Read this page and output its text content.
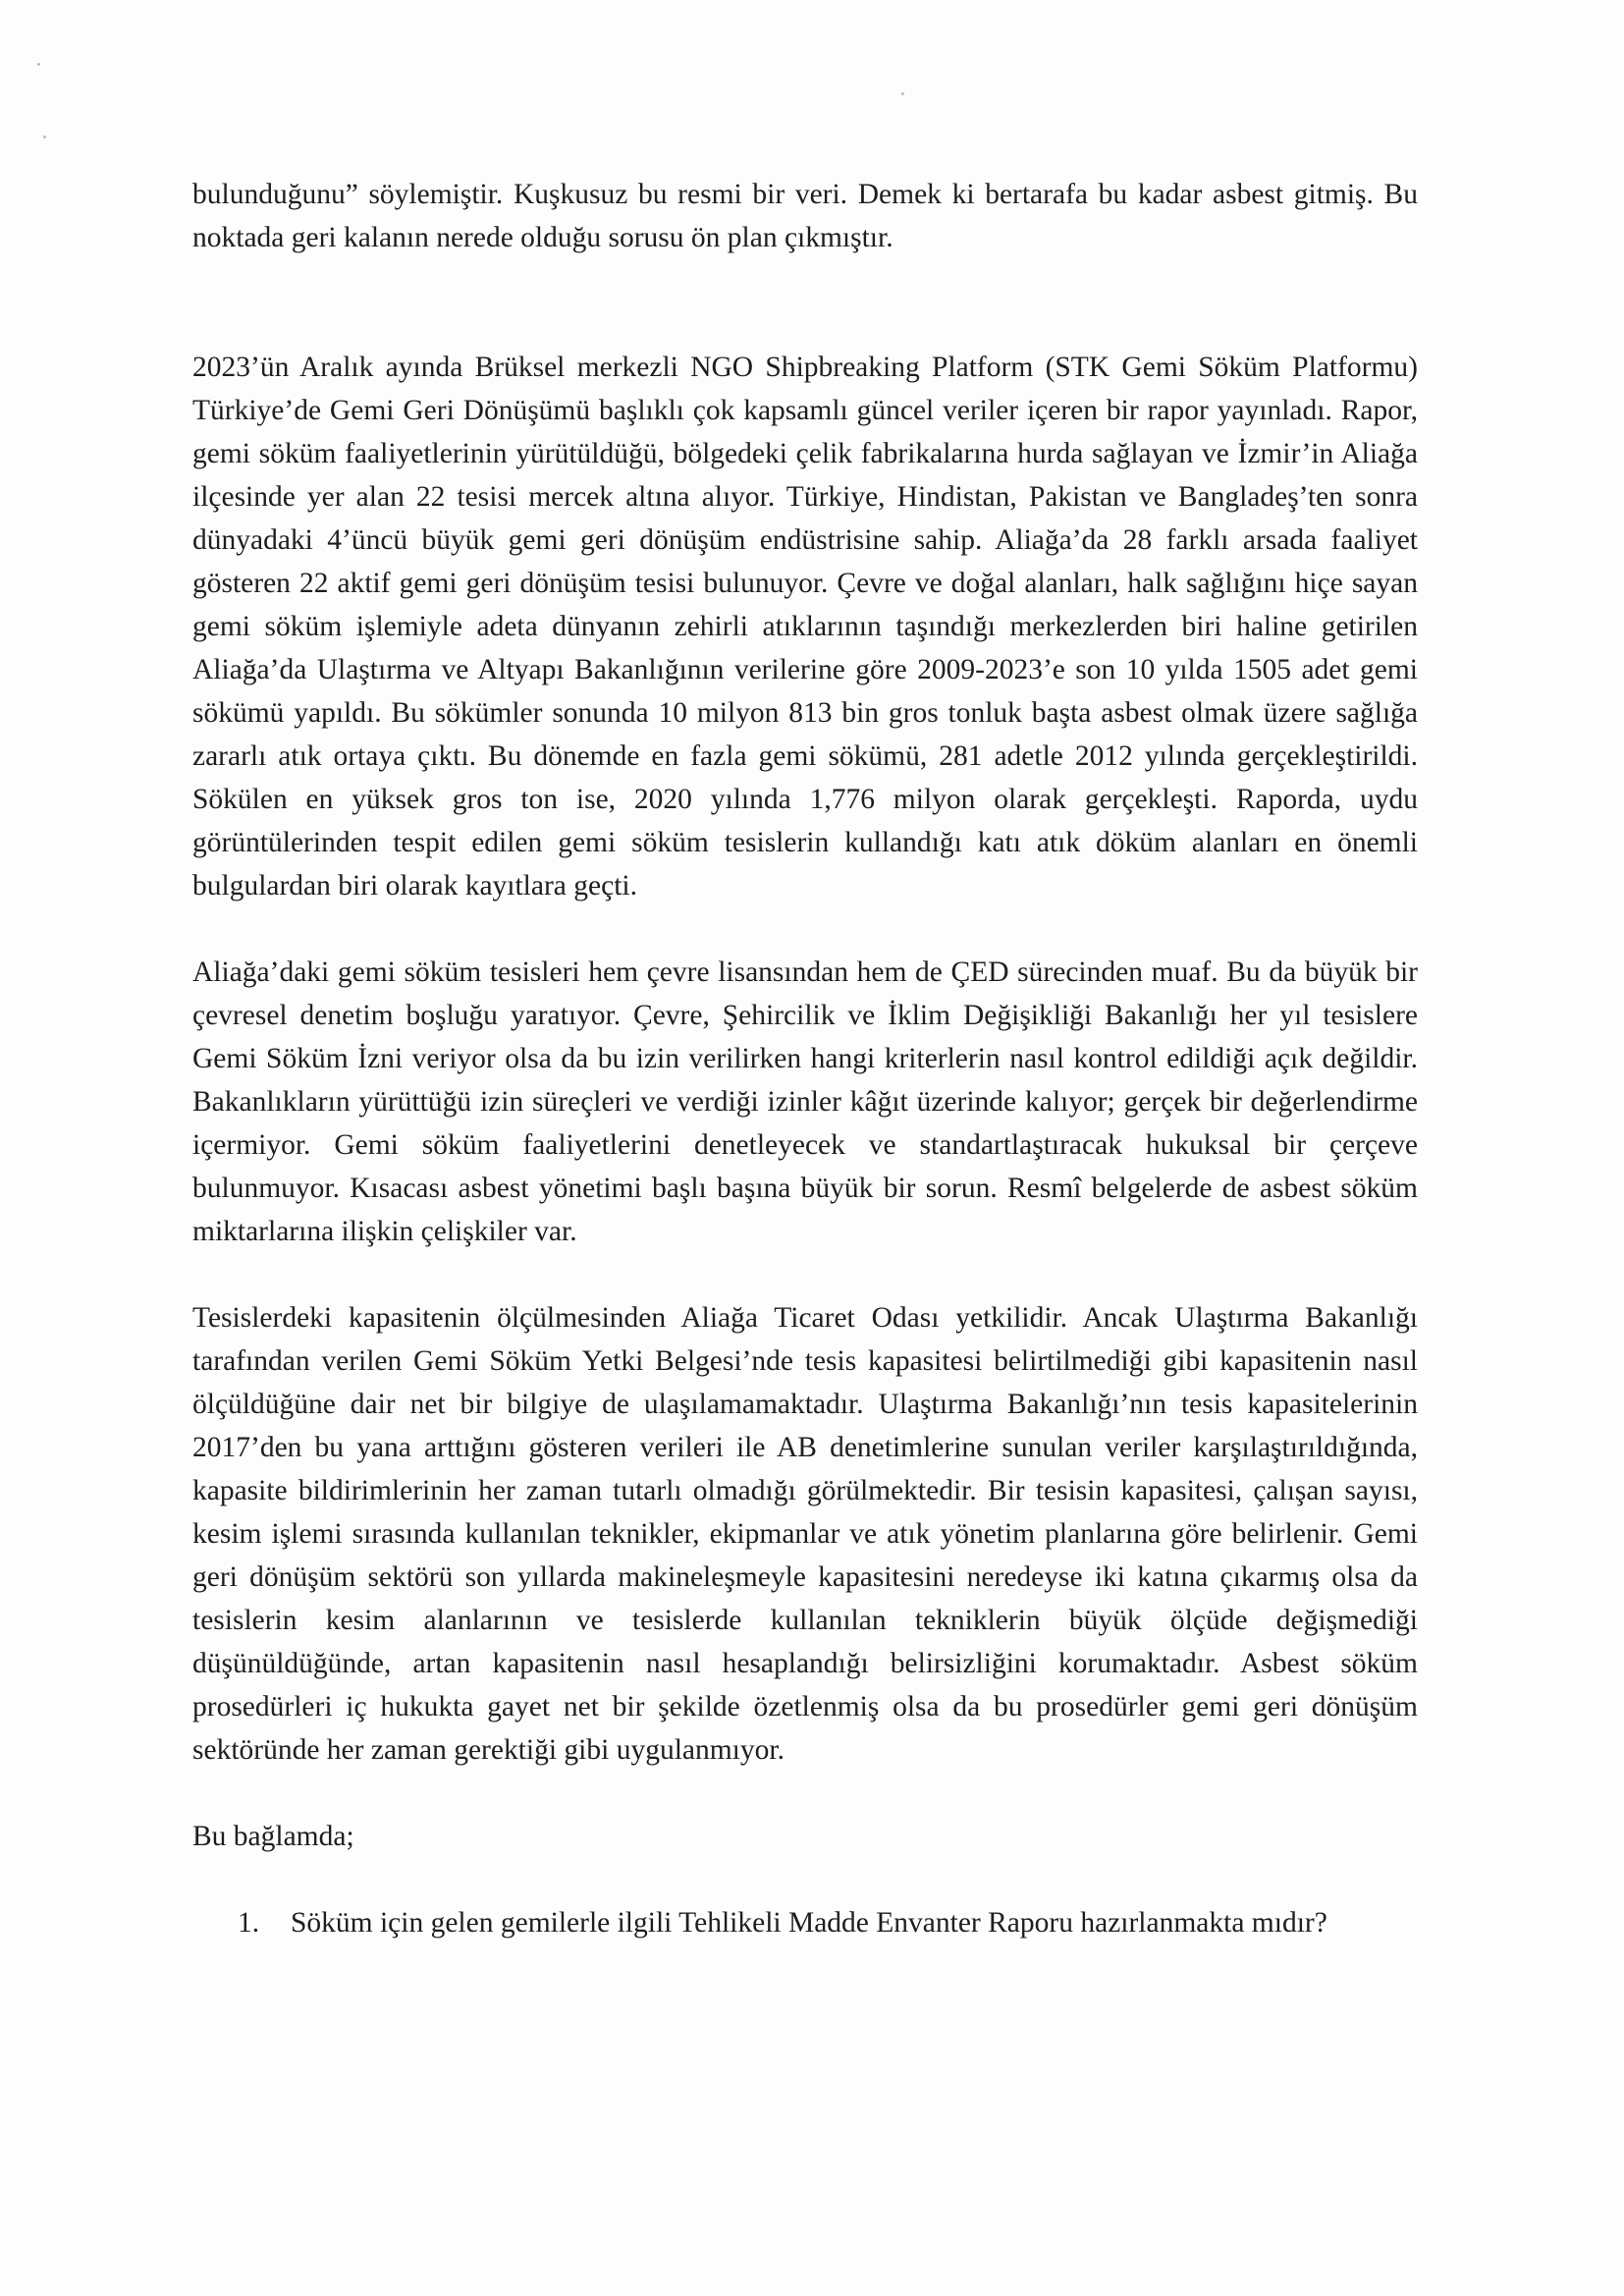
bulunduğunu” söylemiştir. Kuşkusuz bu resmi bir veri. Demek ki bertarafa bu kadar asbest gitmiş. Bu noktada geri kalanın nerede olduğu sorusu ön plan çıkmıştır.

2023’ün Aralık ayında Brüksel merkezli NGO Shipbreaking Platform (STK Gemi Söküm Platformu) Türkiye’de Gemi Geri Dönüşümü başlıklı çok kapsamlı güncel veriler içeren bir rapor yayınladı. Rapor, gemi söküm faaliyetlerinin yürütüldüğü, bölgedeki çelik fabrikalarına hurda sağlayan ve İzmir’in Aliağa ilçesinde yer alan 22 tesisi mercek altına alıyor. Türkiye, Hindistan, Pakistan ve Bangladeş’ten sonra dünyadaki 4’üncü büyük gemi geri dönüşüm endüstrisine sahip. Aliağa’da 28 farklı arsada faaliyet gösteren 22 aktif gemi geri dönüşüm tesisi bulunuyor. Çevre ve doğal alanları, halk sağlığını hiçe sayan gemi söküm işlemiyle adeta dünyanın zehirli atıklarının taşındığı merkezlerden biri haline getirilen Aliağa’da Ulaştırma ve Altyapı Bakanlığının verilerine göre 2009-2023’e son 10 yılda 1505 adet gemi sökümü yapıldı. Bu sökümler sonunda 10 milyon 813 bin gros tonluk başta asbest olmak üzere sağlığa zararlı atık ortaya çıktı. Bu dönemde en fazla gemi sökümü, 281 adetle 2012 yılında gerçekleştirildi. Sökülen en yüksek gros ton ise, 2020 yılında 1,776 milyon olarak gerçekleşti. Raporda, uydu görüntülerinden tespit edilen gemi söküm tesislerin kullandığı katı atık döküm alanları en önemli bulgulardan biri olarak kayıtlara geçti.

Aliağa’daki gemi söküm tesisleri hem çevre lisansından hem de ÇED sürecinden muaf. Bu da büyük bir çevresel denetim boşluğu yaratıyor. Çevre, Şehircilik ve İklim Değişikliği Bakanlığı her yıl tesislere Gemi Söküm İzni veriyor olsa da bu izin verilirken hangi kriterlerin nasıl kontrol edildiği açık değildir. Bakanlıkların yürüttüğü izin süreçleri ve verdiği izinler kâğıt üzerinde kalıyor; gerçek bir değerlendirme içermiyor. Gemi söküm faaliyetlerini denetleyecek ve standartlaştıracak hukuksal bir çerçeve bulunmuyor. Kısacası asbest yönetimi başlı başına büyük bir sorun. Resmî belgelerde de asbest söküm miktarlarına ilişkin çelişkiler var.

Tesislerdeki kapasitenin ölçülmesinden Aliağa Ticaret Odası yetkilidir. Ancak Ulaştırma Bakanlığı tarafından verilen Gemi Söküm Yetki Belgesi’nde tesis kapasitesi belirtilmediği gibi kapasitenin nasıl ölçüldüğüne dair net bir bilgiye de ulaşılamamaktadır. Ulaştırma Bakanlığı’nın tesis kapasitelerinin 2017’den bu yana arttığını gösteren verileri ile AB denetimlerine sunulan veriler karşılaştırıldığında, kapasite bildirimlerinin her zaman tutarlı olmadığı görülmektedir. Bir tesisin kapasitesi, çalışan sayısı, kesim işlemi sırasında kullanılan teknikler, ekipmanlar ve atık yönetim planlarına göre belirlenir. Gemi geri dönüşüm sektörü son yıllarda makineleşmeyle kapasitesini neredeyse iki katına çıkarmış olsa da tesislerin kesim alanlarının ve tesislerde kullanılan tekniklerin büyük ölçüde değişmediği düşünüldüğünde, artan kapasitenin nasıl hesaplandığı belirsizliğini korumaktadır. Asbest söküm prosedürleri iç hukukta gayet net bir şekilde özetlenmiş olsa da bu prosedürler gemi geri dönüşüm sektöründe her zaman gerektiği gibi uygulanmıyor.

Bu bağlamda;

1. Söküm için gelen gemilerle ilgili Tehlikeli Madde Envanter Raporu hazırlanmakta mıdır?
